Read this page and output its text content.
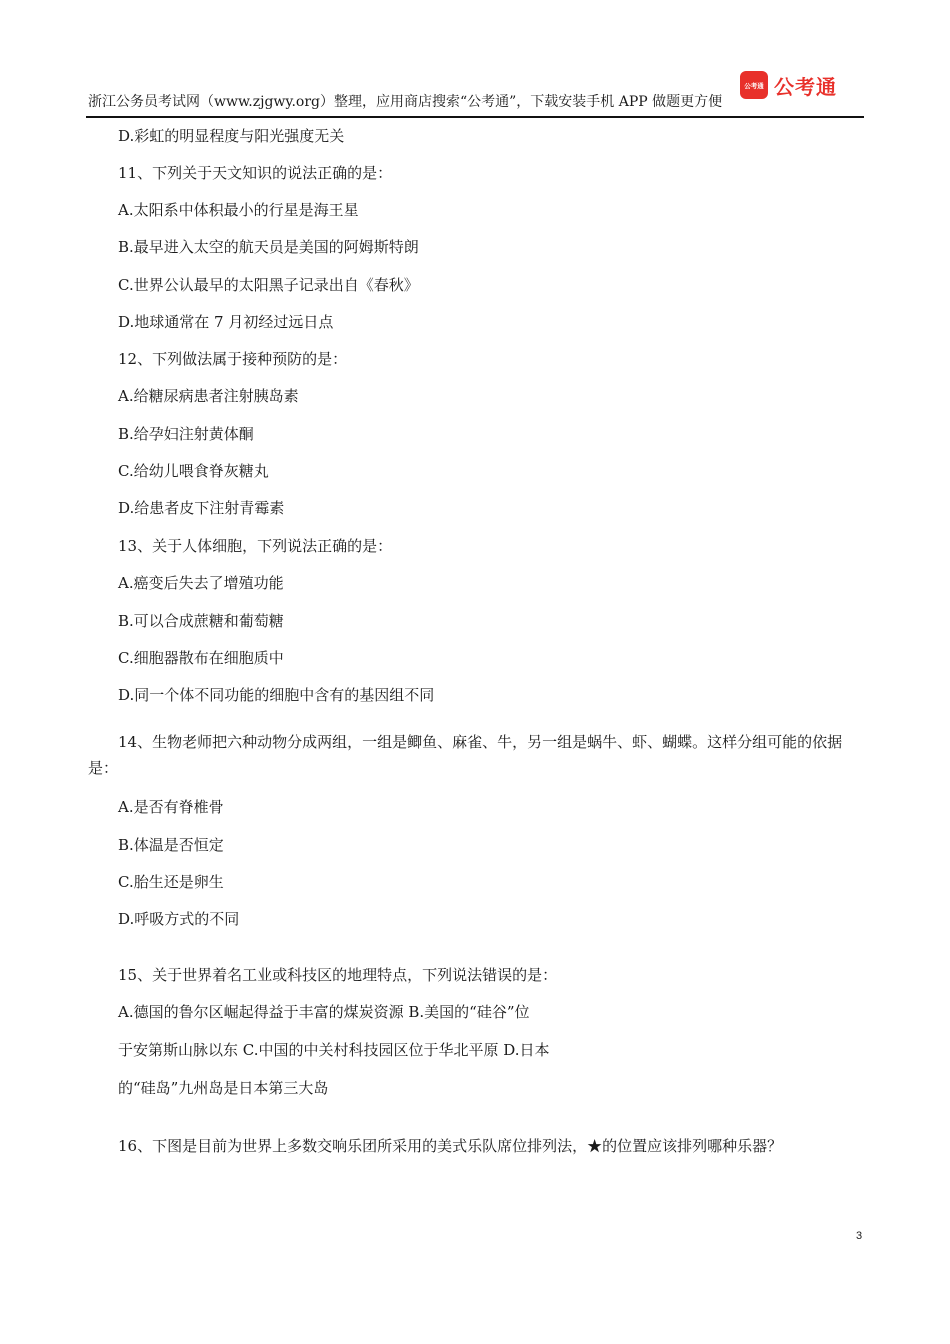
公考通 公考通
浙江公务员考试网（www.zjgwy.org）整理，应用商店搜索“公考通”，下载安装手机 APP 做题更方便
D.彩虹的明显程度与阳光强度无关
11、下列关于天文知识的说法正确的是：
A.太阳系中体积最小的行星是海王星
B.最早进入太空的航天员是美国的阿姆斯特朗
C.世界公认最早的太阳黑子记录出自《春秋》
D.地球通常在 7 月初经过远日点
12、下列做法属于接种预防的是：
A.给糖尿病患者注射胰岛素
B.给孕妇注射黄体酮
C.给幼儿喂食脊灰糖丸
D.给患者皮下注射青霉素
13、关于人体细胞，下列说法正确的是：
A.癌变后失去了增殖功能
B.可以合成蔗糖和葡萄糖
C.细胞器散布在细胞质中
D.同一个体不同功能的细胞中含有的基因组不同
14、生物老师把六种动物分成两组，一组是鲫鱼、麻雀、牛，另一组是蜗牛、虾、蝴蝶。这样分组可能的依据是：
A.是否有脊椎骨
B.体温是否恒定
C.胎生还是卵生
D.呼吸方式的不同
15、关于世界着名工业或科技区的地理特点，下列说法错误的是：
A.德国的鲁尔区崛起得益于丰富的煤炭资源 B.美国的“硅谷”位
于安第斯山脉以东 C.中国的中关村科技园区位于华北平原 D.日本
的“硅岛”九州岛是日本第三大岛
16、下图是目前为世界上多数交响乐团所采用的美式乐队席位排列法，★的位置应该排列哪种乐器？
3
